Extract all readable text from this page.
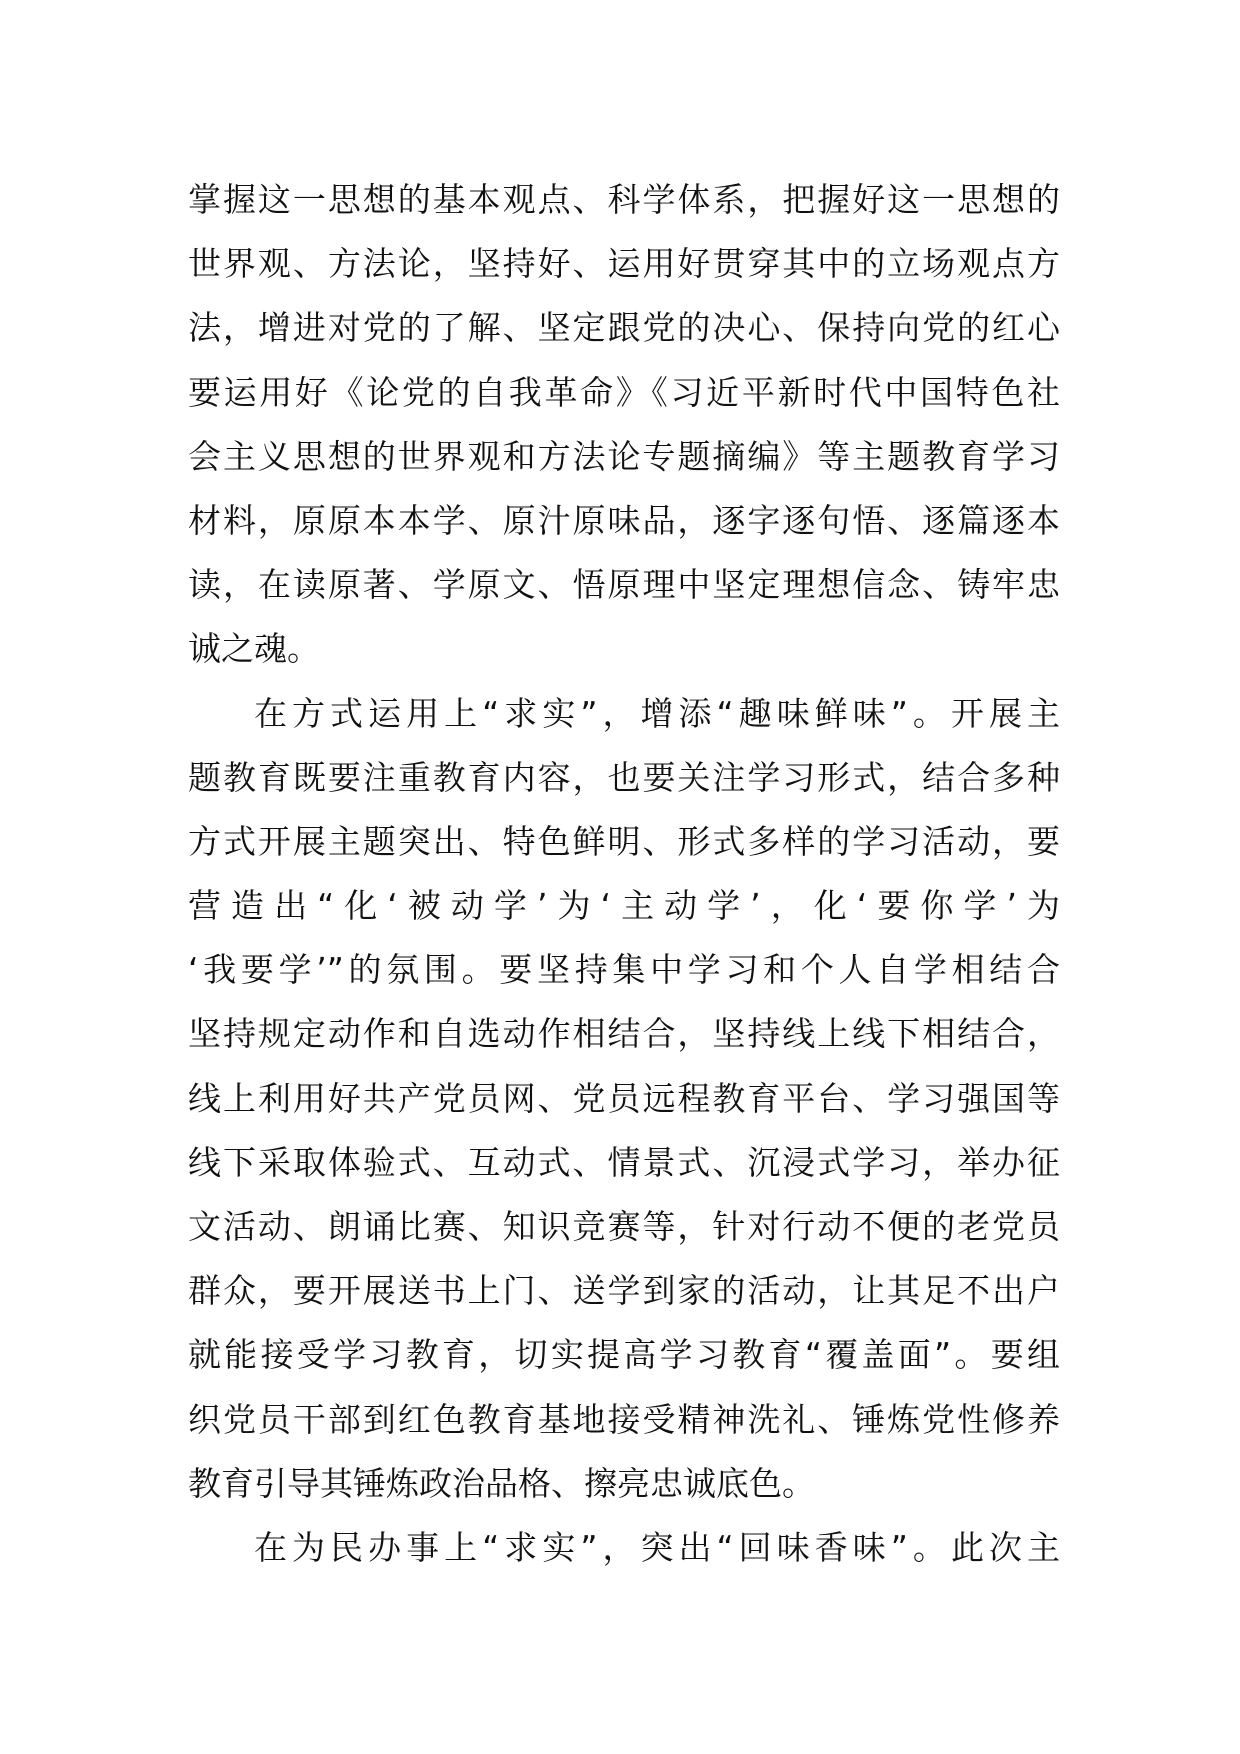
掌握这一思想的基本观点、科学体系，把握好这一思想的
世界观、方法论，坚持好、运用好贯穿其中的立场观点方
法，增进对党的了解、坚定跟党的决心、保持向党的红心
要运用好《论党的自我革命》《习近平新时代中国特色社
会主义思想的世界观和方法论专题摘编》等主题教育学习
材料，原原本本学、原汁原味品，逐字逐句悟、逐篇逐本
读，在读原著、学原文、悟原理中坚定理想信念、铸牢忠
诚之魂。
在方式运用上“求实”，增添“趣味鲜味”。开展主
题教育既要注重教育内容，也要关注学习形式，结合多种
方式开展主题突出、特色鲜明、形式多样的学习活动，要
营造出“化‘被动学’为‘主动学’，化‘要你学’为
‘我要学’”的氛围。要坚持集中学习和个人自学相结合
坚持规定动作和自选动作相结合，坚持线上线下相结合，
线上利用好共产党员网、党员远程教育平台、学习强国等
线下采取体验式、互动式、情景式、沉浸式学习，举办征
文活动、朗诵比赛、知识竞赛等，针对行动不便的老党员
群众，要开展送书上门、送学到家的活动，让其足不出户
就能接受学习教育，切实提高学习教育“覆盖面”。要组
织党员干部到红色教育基地接受精神洗礼、锤炼党性修养
教育引导其锤炼政治品格、擦亮忠诚底色。
在为民办事上“求实”，突出“回味香味”。此次主
